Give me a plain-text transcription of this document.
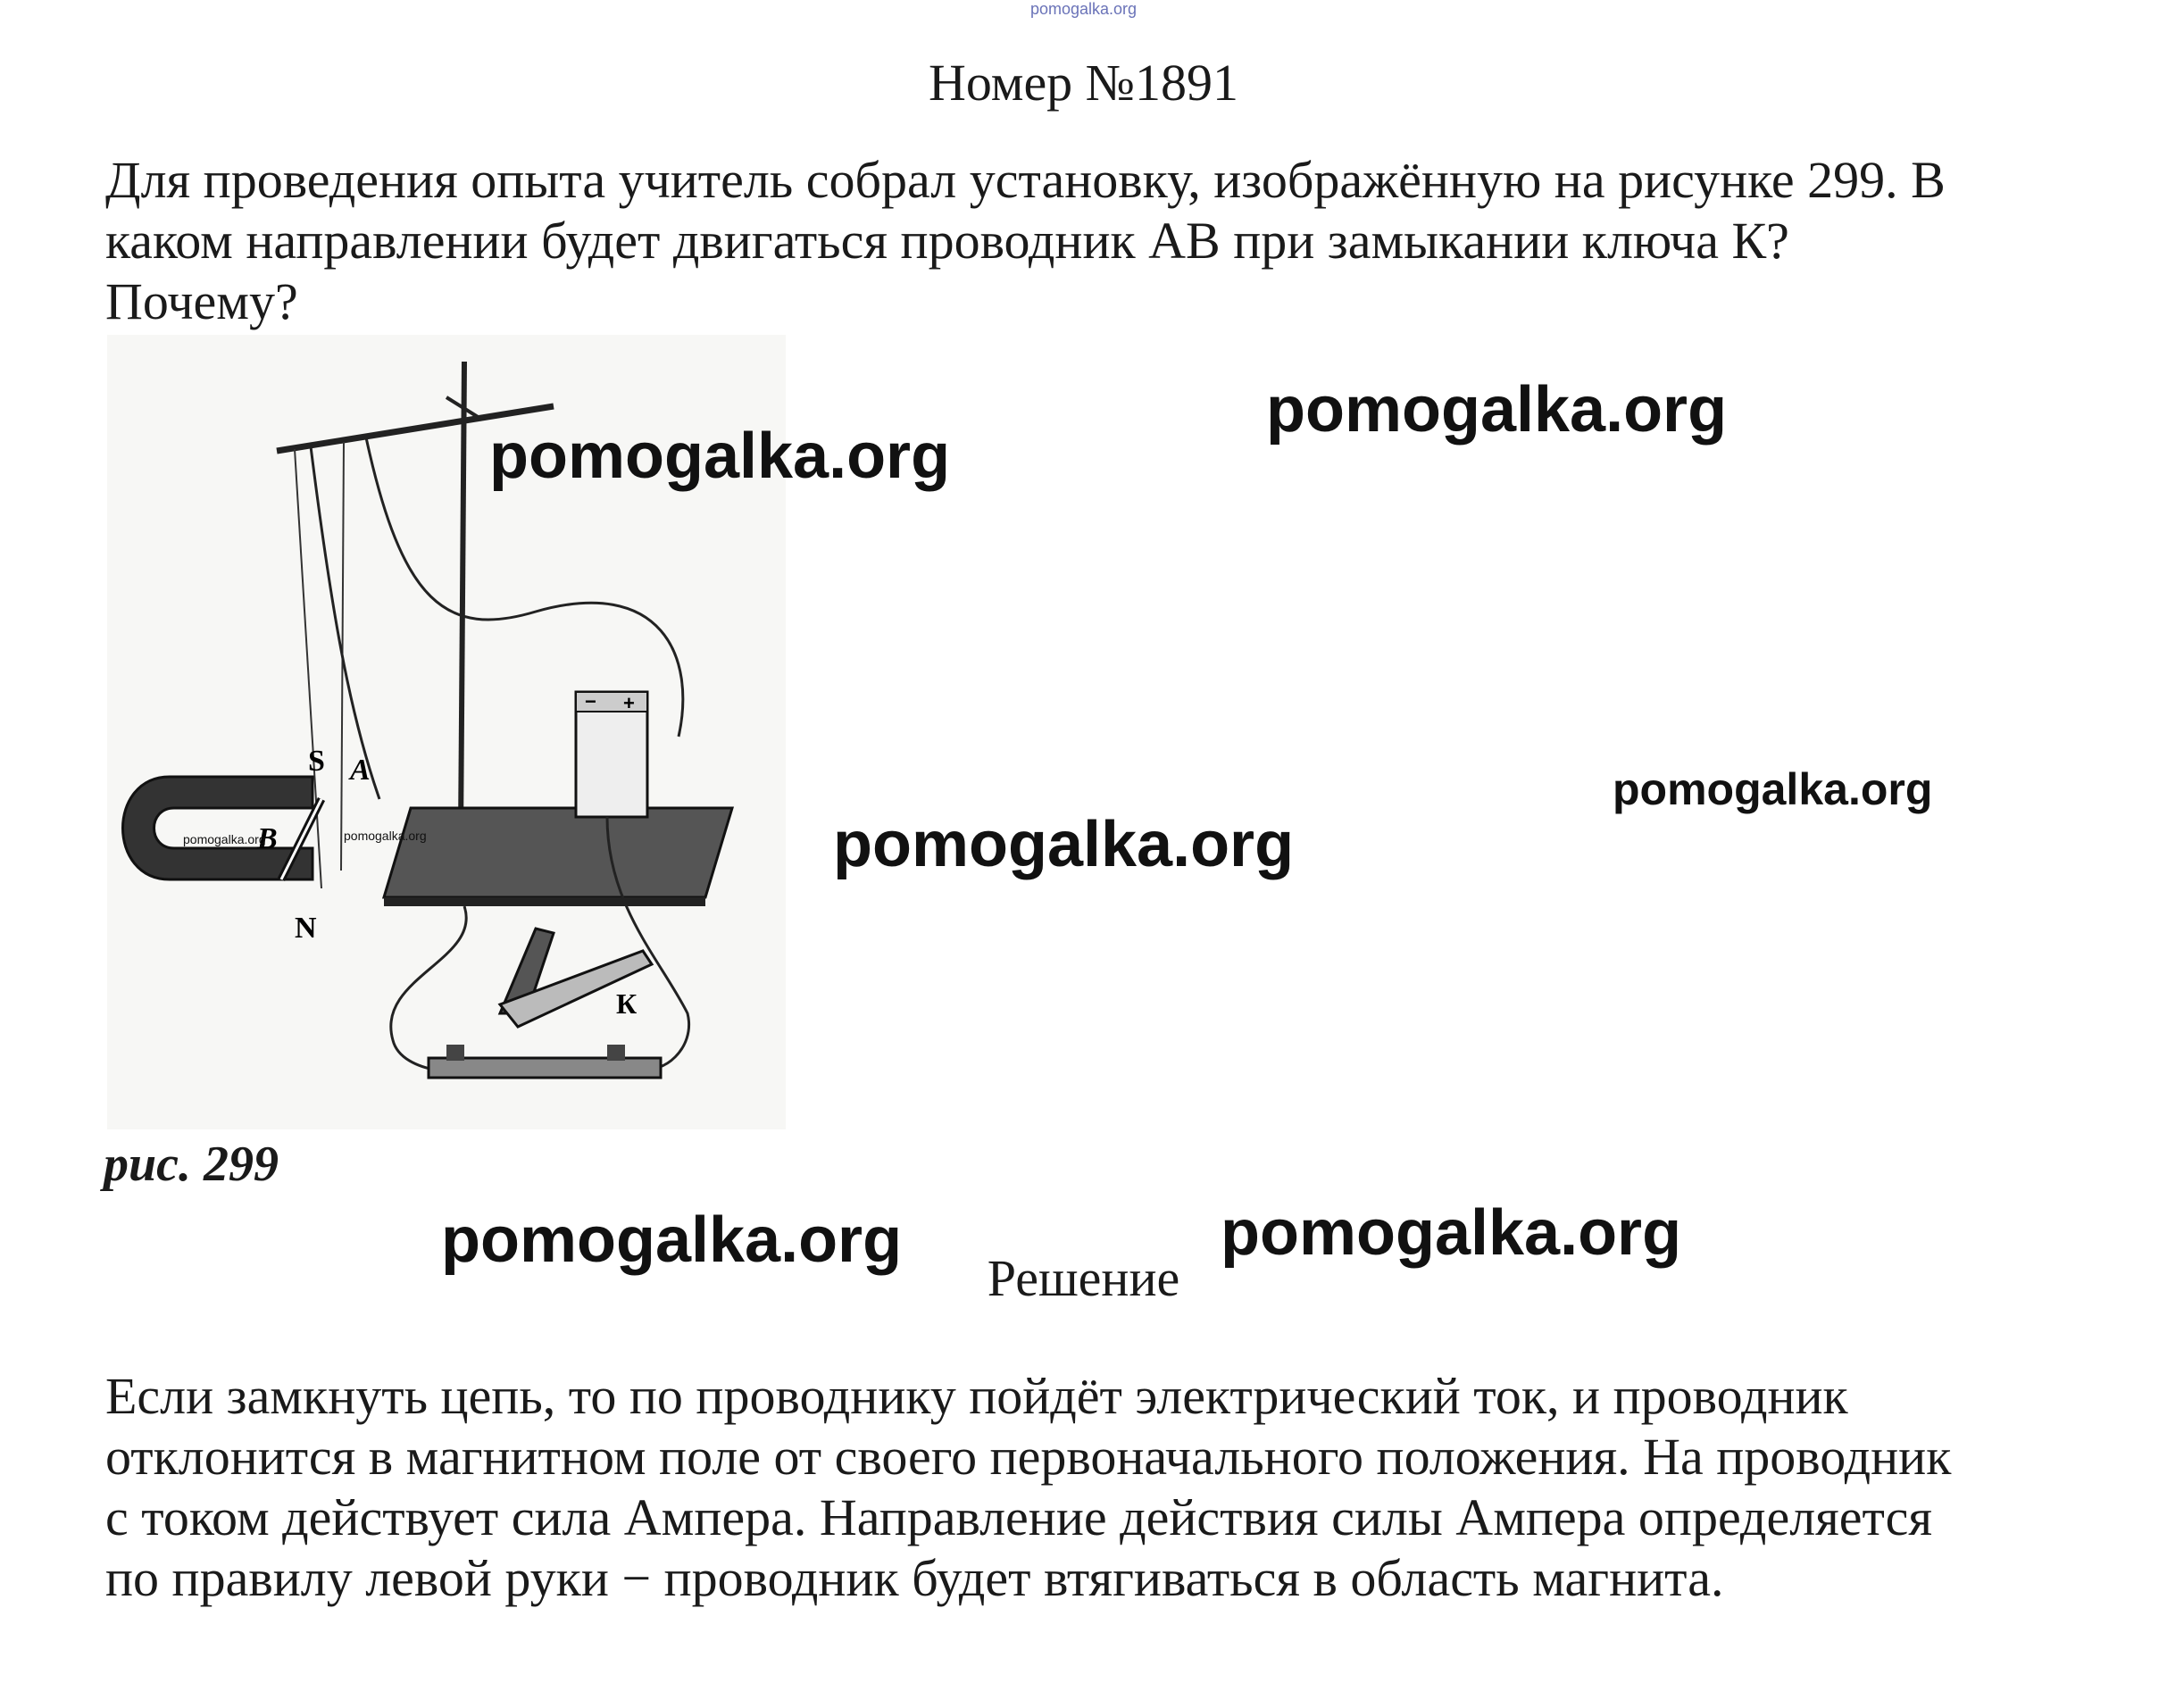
pomogalka.org
Номер №1891
Для проведения опыта учитель собрал установку, изображённую на рисунке 299. В
каком направлении будет двигаться проводник АВ при замыкании ключа К?
Почему?
− +
S A
B
N
К
pomogalka.org	pomogalka.org
pomogalka.org
pomogalka.org
pomogalka.org
pomogalka.org
pomogalka.org	pomogalka.org
рис. 299
Решение
Если замкнуть цепь, то по проводнику пойдёт электрический ток, и проводник
отклонится в магнитном поле от своего первоначального положения. На проводник
с током действует сила Ампера. Направление действия силы Ампера определяется
по правилу левой руки − проводник будет втягиваться в область магнита.
